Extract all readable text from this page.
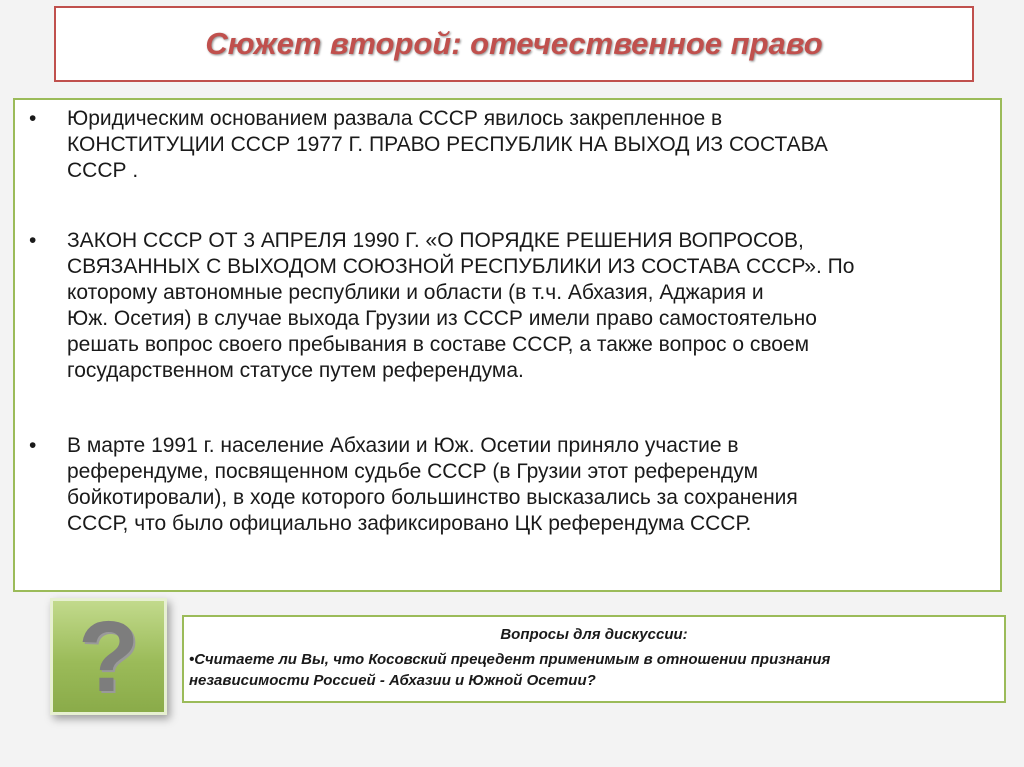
Сюжет второй: отечественное право
• Юридическим основанием развала СССР явилось закрепленное в
КОНСТИТУЦИИ СССР 1977 Г. ПРАВО РЕСПУБЛИК НА ВЫХОД ИЗ СОСТАВА
СССР .
• ЗАКОН СССР ОТ 3 АПРЕЛЯ 1990 Г. «О ПОРЯДКЕ РЕШЕНИЯ ВОПРОСОВ,
СВЯЗАННЫХ С ВЫХОДОМ СОЮЗНОЙ РЕСПУБЛИКИ ИЗ СОСТАВА СССР». По
которому автономные республики и области (в т.ч. Абхазия, Аджария и
Юж. Осетия) в случае выхода Грузии из СССР имели право самостоятельно
решать вопрос своего пребывания в составе СССР, а также вопрос о своем
государственном статусе путем референдума.
• В марте 1991 г. население Абхазии и Юж. Осетии приняло участие в
референдуме, посвященном судьбе СССР (в Грузии этот референдум
бойкотировали), в ходе которого большинство высказались за сохранения
СССР, что было официально зафиксировано ЦК референдума СССР.
?	Вопросы для дискуссии:
•Считаете ли Вы, что Косовский прецедент применимым в отношении признания
независимости Россией - Абхазии и Южной Осетии?
